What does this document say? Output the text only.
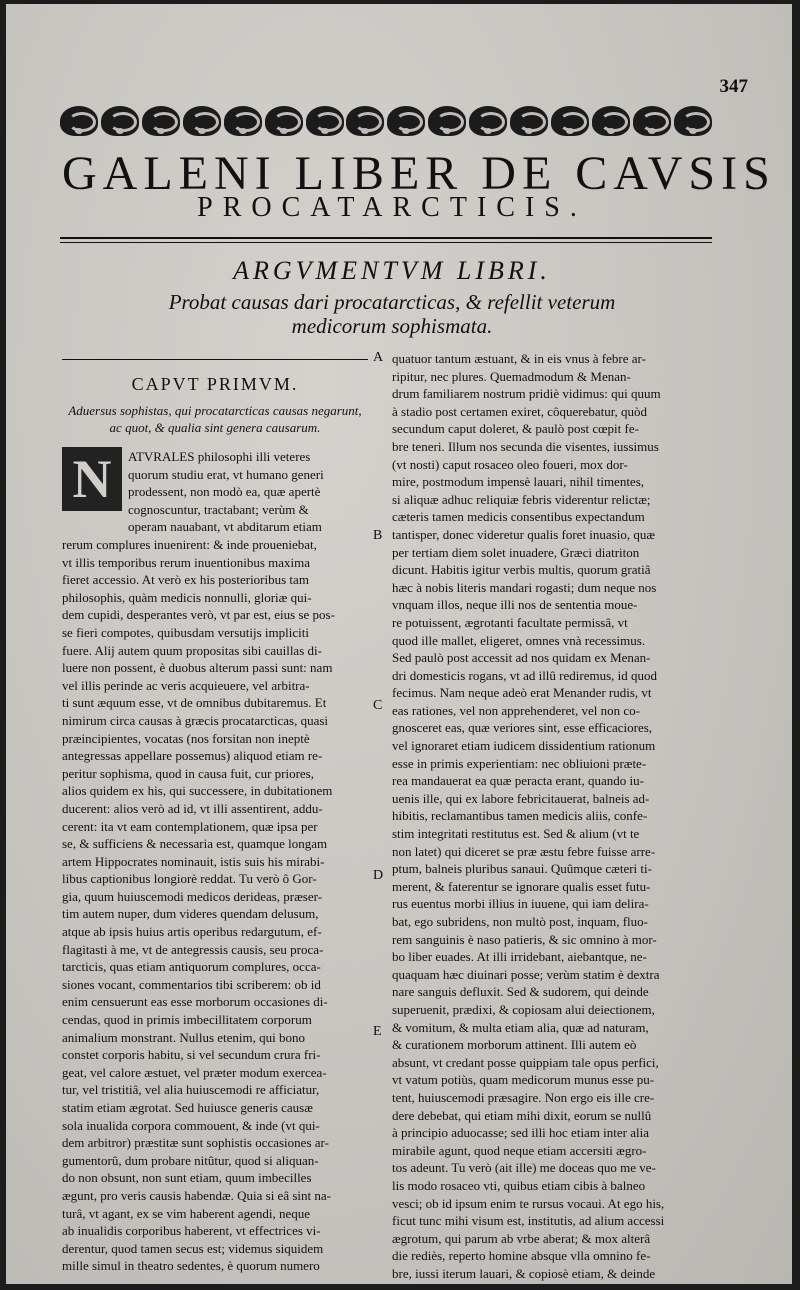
347
GALENI LIBER DE CAVSIS
PROCATARCTICIS.
ARGVMENTVM LIBRI.
Probat causas dari procatarcticas, & refellit veterum
medicorum sophismata.
CAPVT PRIMVM.
Aduersus sophistas, qui procatarcticas causas negarunt,
ac quot, & qualia sint genera causarum.
N	ATVRALES philosophi illi veteres
quorum studiu erat, vt humano generi
prodessent, non modò ea, quæ apertè
cognoscuntur, tractabant; verùm &
operam nauabant, vt abditarum etiam
rerum complures inuenirent: & inde proueniebat,
vt illis temporibus rerum inuentionibus maxima
fieret accessio. At verò ex his posterioribus tam
philosophis, quàm medicis nonnulli, gloriæ qui-
dem cupidi, desperantes verò, vt par est, eius se pos-
se fieri compotes, quibusdam versutijs impliciti
fuere. Alij autem quum propositas sibi cauillas di-
luere non possent, è duobus alterum passi sunt: nam
vel illis perinde ac veris acquieuere, vel arbitra-
ti sunt æquum esse, vt de omnibus dubitaremus. Et
nimirum circa causas à græcis procatarcticas, quasi
præincipientes, vocatas (nos forsitan non ineptè
antegressas appellare possemus) aliquod etiam re-
peritur sophisma, quod in causa fuit, cur priores,
alios quidem ex his, qui successere, in dubitationem
ducerent: alios verò ad id, vt illi assentirent, addu-
cerent: ita vt eam contemplationem, quæ ipsa per
se, & sufficiens & necessaria est, quamque longam
artem Hippocrates nominauit, istis suis his mirabi-
libus captionibus longiorè reddat. Tu verò ô Gor-
gia, quum huiuscemodi medicos derideas, præser-
tim autem nuper, dum videres quendam delusum,
atque ab ipsis huius artis operibus redargutum, ef-
flagitasti à me, vt de antegressis causis, seu proca-
tarcticis, quas etiam antiquorum complures, occa-
siones vocant, commentarios tibi scriberem: ob id
enim censuerunt eas esse morborum occasiones di-
cendas, quod in primis imbecillitatem corporum
animalium monstrant. Nullus etenim, qui bono
constet corporis habitu, si vel secundum crura fri-
geat, vel calore æstuet, vel præter modum exercea-
tur, vel tristitiâ, vel alia huiuscemodi re afficiatur,
statim etiam ægrotat. Sed huiusce generis causæ
sola inualida corpora commouent, & inde (vt qui-
dem arbitror) præstitæ sunt sophistis occasiones ar-
gumentorû, dum probare nitûtur, quod si aliquan-
do non obsunt, non sunt etiam, quum imbecilles
ægunt, pro veris causis habendæ. Quia si eâ sint na-
turâ, vt agant, ex se vim haberent agendi, neque
ab inualidis corporibus haberent, vt effectrices vi-
derentur, quod tamen secus est; videmus siquidem
mille simul in theatro sedentes, è quorum numero
quatuor tantum æstuant, & in eis vnus à febre ar-
ripitur, nec plures. Quemadmodum & Menan-
drum familiarem nostrum pridiè vidimus: qui quum
à stadio post certamen exiret, côquerebatur, quòd
secundum caput doleret, & paulò post cœpit fe-
bre teneri. Illum nos secunda die visentes, iussimus
(vt nosti) caput rosaceo oleo foueri, mox dor-
mire, postmodum impensè lauari, nihil timentes,
si aliquæ adhuc reliquiæ febris viderentur relictæ;
cæteris tamen medicis consentibus expectandum
tantisper, donec videretur qualis foret inuasio, quæ
per tertiam diem solet inuadere, Græci diatriton
dicunt. Habitis igitur verbis multis, quorum gratiâ
hæc à nobis literis mandari rogasti; dum neque nos
vnquam illos, neque illi nos de sententia moue-
re potuissent, ægrotanti facultate permissâ, vt
quod ille mallet, eligeret, omnes vnà recessimus.
Sed paulò post accessit ad nos quidam ex Menan-
dri domesticis rogans, vt ad illû rediremus, id quod
fecimus. Nam neque adeò erat Menander rudis, vt
eas rationes, vel non apprehenderet, vel non co-
gnosceret eas, quæ veriores sint, esse efficaciores,
vel ignoraret etiam iudicem dissidentium rationum
esse in primis experientiam: nec obliuioni præte-
rea mandauerat ea quæ peracta erant, quando iu-
uenis ille, qui ex labore febricitauerat, balneis ad-
hibitis, reclamantibus tamen medicis aliis, confe-
stim integritati restitutus est. Sed & alium (vt te
non latet) qui diceret se præ æstu febre fuisse arre-
ptum, balneis pluribus sanaui. Quûmque cæteri ti-
merent, & faterentur se ignorare qualis esset futu-
rus euentus morbi illius in iuuene, qui iam delira-
bat, ego subridens, non multò post, inquam, fluo-
rem sanguinis è naso patieris, & sic omnino à mor-
bo liber euades. At illi irridebant, aiebantque, ne-
quaquam hæc diuinari posse; verùm statim è dextra
nare sanguis defluxit. Sed & sudorem, qui deinde
superuenit, prædixi, & copiosam alui deiectionem,
& vomitum, & multa etiam alia, quæ ad naturam,
& curationem morborum attinent. Illi autem eò
absunt, vt credant posse quippiam tale opus perfici,
vt vatum potiùs, quam medicorum munus esse pu-
tent, huiuscemodi præsagire. Non ergo eis ille cre-
dere debebat, qui etiam mihi dixit, eorum se nullû
à principio aduocasse; sed illi hoc etiam inter alia
mirabile agunt, quod neque etiam accersiti ægro-
tos adeunt. Tu verò (ait ille) me doceas quo me ve-
lis modo rosaceo vti, quibus etiam cibis à balneo
vesci; ob id ipsum enim te rursus vocaui. At ego his,
ficut tunc mihi visum est, institutis, ad alium accessi
ægrotum, qui parum ab vrbe aberat; & mox alterâ
die rediès, reperto homine absque vlla omnino fe-
bre, iussi iterum lauari, & copiosè etiam, & deinde
A
B
C
D
E
